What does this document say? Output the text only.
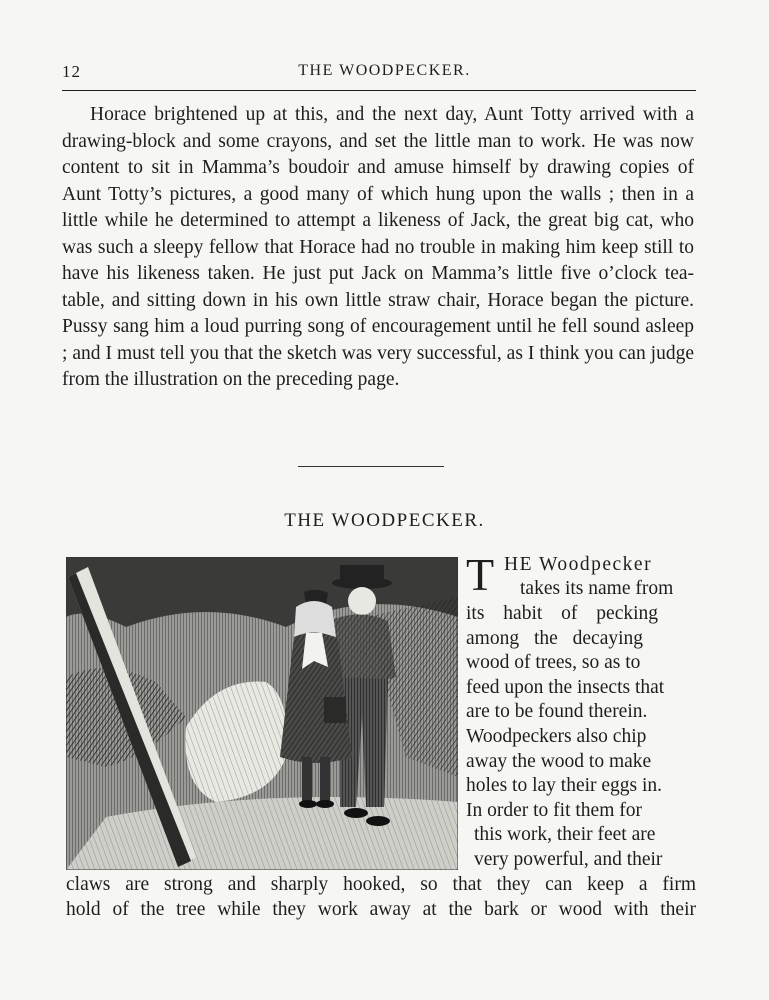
12	THE WOODPECKER.

Horace brightened up at this, and the next day, Aunt Totty arrived with a drawing-block and some crayons, and set the little man to work. He was now content to sit in Mamma’s boudoir and amuse himself by drawing copies of Aunt Totty’s pictures, a good many of which hung upon the walls ; then in a little while he determined to attempt a likeness of Jack, the great big cat, who was such a sleepy fellow that Horace had no trouble in making him keep still to have his likeness taken. He just put Jack on Mamma’s little five o’clock tea-table, and sitting down in his own little straw chair, Horace began the picture. Pussy sang him a loud purring song of encouragement until he fell sound asleep ; and I must tell you that the sketch was very successful, as I think you can judge from the illustration on the preceding page.

THE WOODPECKER.
T HE Woodpecker
takes its name from
its habit of pecking
among the decaying
wood of trees, so as to
feed upon the insects that
are to be found therein.
Woodpeckers also chip
away the wood to make
holes to lay their eggs in.
In order to fit them for
this work, their feet are
very powerful, and their
claws are strong and sharply hooked, so that they can keep a firm
hold of the tree while they work away at the bark or wood with their
